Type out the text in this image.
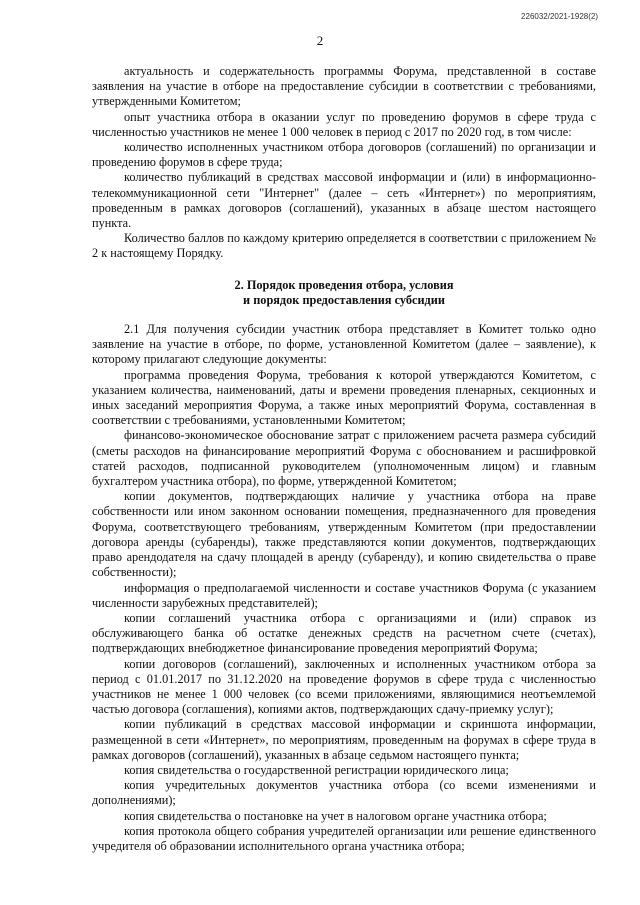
226032/2021-1928(2)
2

актуальность и содержательность программы Форума, представленной в составе заявления на участие в отборе на предоставление субсидии в соответствии с требованиями, утвержденными Комитетом;

опыт участника отбора в оказании услуг по проведению форумов в сфере труда с численностью участников не менее 1 000 человек в период с 2017 по 2020 год, в том числе:

количество исполненных участником отбора договоров (соглашений) по организации и проведению форумов в сфере труда;

количество публикаций в средствах массовой информации и (или) в информационно-телекоммуникационной сети "Интернет" (далее – сеть «Интернет») по мероприятиям, проведенным в рамках договоров (соглашений), указанных в абзаце шестом настоящего пункта.

Количество баллов по каждому критерию определяется в соответствии с приложением № 2 к настоящему Порядку.

2. Порядок проведения отбора, условия
и порядок предоставления субсидии

2.1 Для получения субсидии участник отбора представляет в Комитет только одно заявление на участие в отборе, по форме, установленной Комитетом (далее – заявление), к которому прилагают следующие документы:

программа проведения Форума, требования к которой утверждаются Комитетом, с указанием количества, наименований, даты и времени проведения пленарных, секционных и иных заседаний мероприятия Форума, а также иных мероприятий Форума, составленная в соответствии с требованиями, установленными Комитетом;

финансово-экономическое обоснование затрат с приложением расчета размера субсидий (сметы расходов на финансирование мероприятий Форума с обоснованием и расшифровкой статей расходов, подписанной руководителем (уполномоченным лицом) и главным бухгалтером участника отбора), по форме, утвержденной Комитетом;

копии документов, подтверждающих наличие у участника отбора на праве собственности или ином законном основании помещения, предназначенного для проведения Форума, соответствующего требованиям, утвержденным Комитетом (при предоставлении договора аренды (субаренды), также представляются копии документов, подтверждающих право арендодателя на сдачу площадей в аренду (субаренду), и копию свидетельства о праве собственности);

информация о предполагаемой численности и составе участников Форума (с указанием численности зарубежных представителей);

копии соглашений участника отбора с организациями и (или) справок из обслуживающего банка об остатке денежных средств на расчетном счете (счетах), подтверждающих внебюджетное финансирование проведения мероприятий Форума;

копии договоров (соглашений), заключенных и исполненных участником отбора за период с 01.01.2017 по 31.12.2020 на проведение форумов в сфере труда с численностью участников не менее 1 000 человек (со всеми приложениями, являющимися неотъемлемой частью договора (соглашения), копиями актов, подтверждающих сдачу-приемку услуг);

копии публикаций в средствах массовой информации и скриншота информации, размещенной в сети «Интернет», по мероприятиям, проведенным на форумах в сфере труда в рамках договоров (соглашений), указанных в абзаце седьмом настоящего пункта;

копия свидетельства о государственной регистрации юридического лица;

копия учредительных документов участника отбора (со всеми изменениями и дополнениями);

копия свидетельства о постановке на учет в налоговом органе участника отбора;

копия протокола общего собрания учредителей организации или решение единственного учредителя об образовании исполнительного органа участника отбора;
